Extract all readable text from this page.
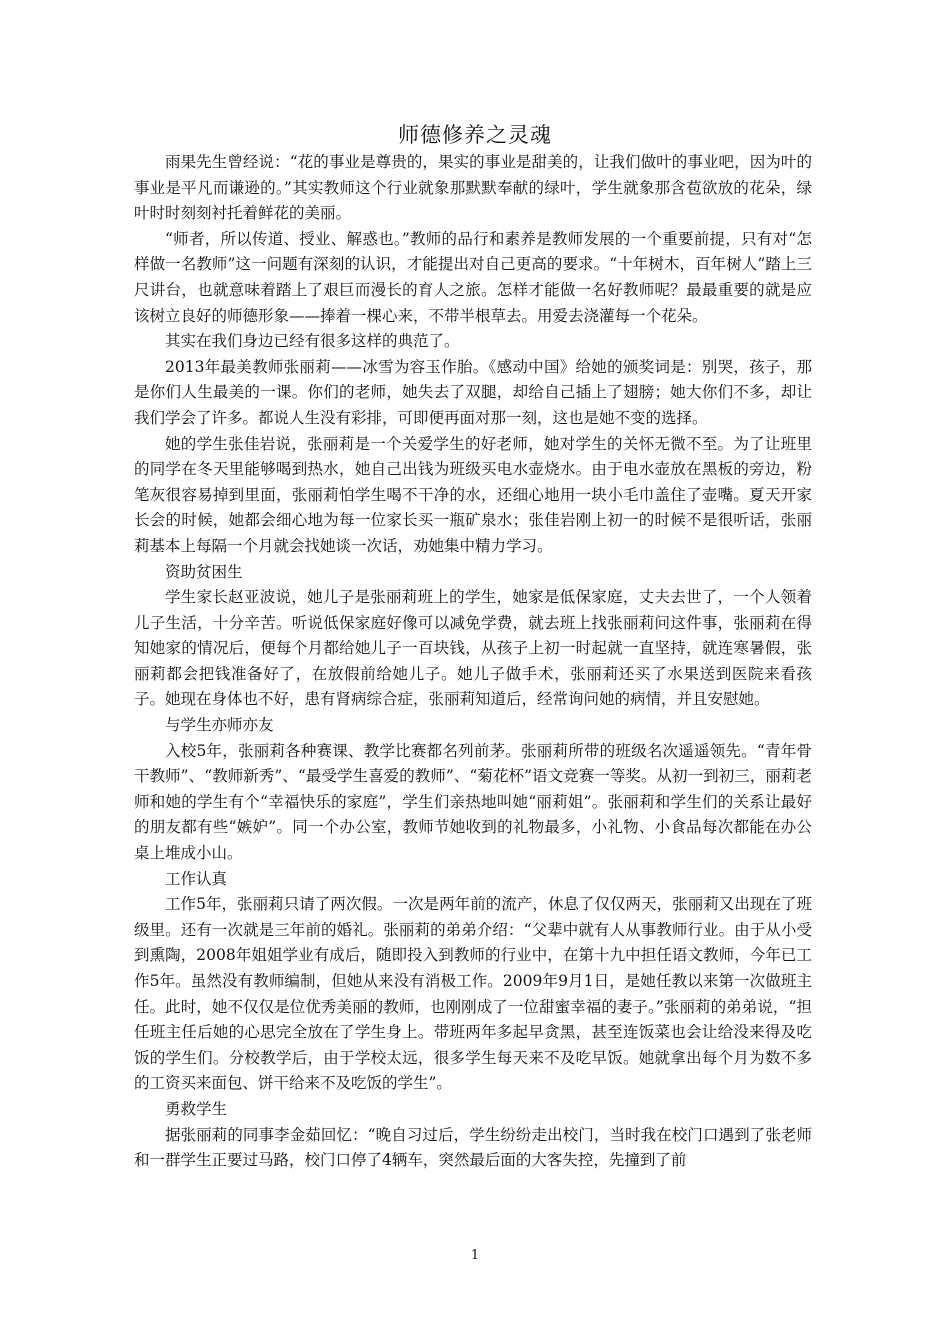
师德修养之灵魂

雨果先生曾经说：“花的事业是尊贵的，果实的事业是甜美的，让我们做叶的事业吧，因为叶的事业是平凡而谦逊的。”其实教师这个行业就象那默默奉献的绿叶，学生就象那含苞欲放的花朵，绿叶时时刻刻衬托着鲜花的美丽。

“师者，所以传道、授业、解惑也。”教师的品行和素养是教师发展的一个重要前提，只有对“怎样做一名教师”这一问题有深刻的认识，才能提出对自己更高的要求。“十年树木，百年树人”踏上三尺讲台，也就意味着踏上了艰巨而漫长的育人之旅。怎样才能做一名好教师呢？最最重要的就是应该树立良好的师德形象——捧着一棵心来，不带半根草去。用爱去浇灌每一个花朵。

其实在我们身边已经有很多这样的典范了。

2013年最美教师张丽莉——冰雪为容玉作胎。《感动中国》给她的颁奖词是：别哭，孩子，那是你们人生最美的一课。你们的老师，她失去了双腿，却给自己插上了翅膀；她大你们不多，却让我们学会了许多。都说人生没有彩排，可即便再面对那一刻，这也是她不变的选择。

她的学生张佳岩说，张丽莉是一个关爱学生的好老师，她对学生的关怀无微不至。为了让班里的同学在冬天里能够喝到热水，她自己出钱为班级买电水壶烧水。由于电水壶放在黑板的旁边，粉笔灰很容易掉到里面，张丽莉怕学生喝不干净的水，还细心地用一块小毛巾盖住了壶嘴。夏天开家长会的时候，她都会细心地为每一位家长买一瓶矿泉水；张佳岩刚上初一的时候不是很听话，张丽莉基本上每隔一个月就会找她谈一次话，劝她集中精力学习。

资助贫困生

学生家长赵亚波说，她儿子是张丽莉班上的学生，她家是低保家庭，丈夫去世了，一个人领着儿子生活，十分辛苦。听说低保家庭好像可以减免学费，就去班上找张丽莉问这件事，张丽莉在得知她家的情况后，便每个月都给她儿子一百块钱，从孩子上初一时起就一直坚持，就连寒暑假，张丽莉都会把钱准备好了，在放假前给她儿子。她儿子做手术，张丽莉还买了水果送到医院来看孩子。她现在身体也不好，患有肾病综合症，张丽莉知道后，经常询问她的病情，并且安慰她。

与学生亦师亦友

入校5年，张丽莉各种赛课、教学比赛都名列前茅。张丽莉所带的班级名次遥遥领先。“青年骨干教师”、“教师新秀”、“最受学生喜爱的教师”、“菊花杯”语文竞赛一等奖。从初一到初三，丽莉老师和她的学生有个“幸福快乐的家庭”，学生们亲热地叫她“丽莉姐”。张丽莉和学生们的关系让最好的朋友都有些“嫉妒”。同一个办公室，教师节她收到的礼物最多，小礼物、小食品每次都能在办公桌上堆成小山。

工作认真

工作5年，张丽莉只请了两次假。一次是两年前的流产，休息了仅仅两天，张丽莉又出现在了班级里。还有一次就是三年前的婚礼。张丽莉的弟弟介绍：“父辈中就有人从事教师行业。由于从小受到熏陶，2008年姐姐学业有成后，随即投入到教师的行业中，在第十九中担任语文教师，今年已工作5年。虽然没有教师编制，但她从来没有消极工作。2009年9月1日，是她任教以来第一次做班主任。此时，她不仅仅是位优秀美丽的教师，也刚刚成了一位甜蜜幸福的妻子。”张丽莉的弟弟说，“担任班主任后她的心思完全放在了学生身上。带班两年多起早贪黑，甚至连饭菜也会让给没来得及吃饭的学生们。分校教学后，由于学校太远，很多学生每天来不及吃早饭。她就拿出每个月为数不多的工资买来面包、饼干给来不及吃饭的学生”。

勇救学生

据张丽莉的同事李金茹回忆：“晚自习过后，学生纷纷走出校门，当时我在校门口遇到了张老师和一群学生正要过马路，校门口停了4辆车，突然最后面的大客失控，先撞到了前

1
